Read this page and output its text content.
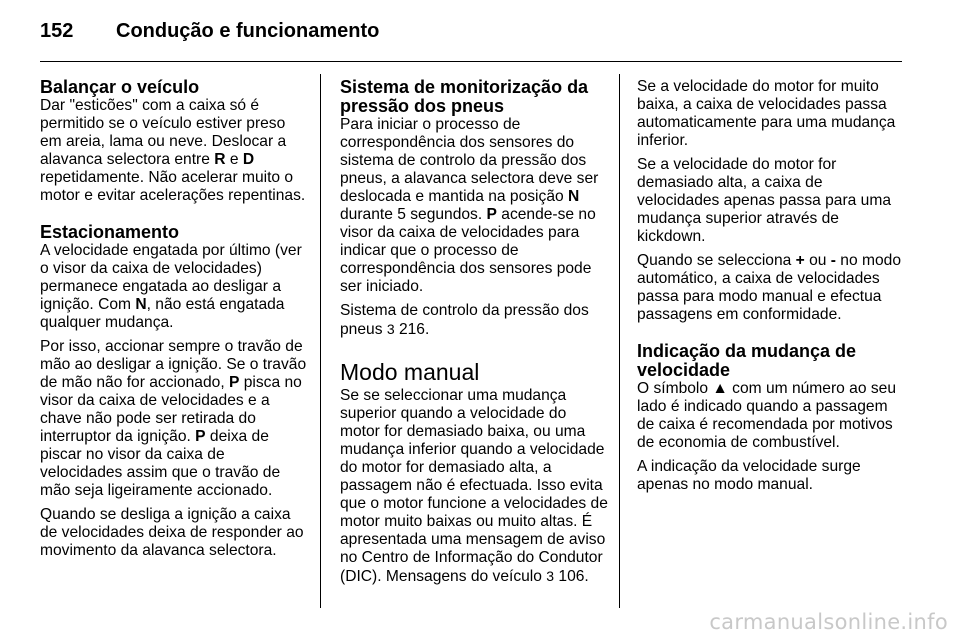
152 Condução e funcionamento
Balançar o veículo

Dar "esticões" com a caixa só é permitido se o veículo estiver preso em areia, lama ou neve. Deslocar a alavanca selectora entre R e D repetidamente. Não acelerar muito o motor e evitar acelerações repentinas.

Estacionamento

A velocidade engatada por último (ver o visor da caixa de velocidades) permanece engatada ao desligar a ignição. Com N, não está engatada qualquer mudança.

Por isso, accionar sempre o travão de mão ao desligar a ignição. Se o travão de mão não for accionado, P pisca no visor da caixa de velocidades e a chave não pode ser retirada do interruptor da ignição. P deixa de piscar no visor da caixa de velocidades assim que o travão de mão seja ligeiramente accionado.

Quando se desliga a ignição a caixa de velocidades deixa de responder ao movimento da alavanca selectora.

Sistema de monitorização da pressão dos pneus

Para iniciar o processo de correspondência dos sensores do sistema de controlo da pressão dos pneus, a alavanca selectora deve ser deslocada e mantida na posição N durante 5 segundos. P acende-se no visor da caixa de velocidades para indicar que o processo de correspondência dos sensores pode ser iniciado.

Sistema de controlo da pressão dos pneus 3 216.

Modo manual

Se se seleccionar uma mudança superior quando a velocidade do motor for demasiado baixa, ou uma mudança inferior quando a velocidade do motor for demasiado alta, a passagem não é efectuada. Isso evita que o motor funcione a velocidades de motor muito baixas ou muito altas. É apresentada uma mensagem de aviso no Centro de Informação do Condutor (DIC). Mensagens do veículo 3 106.

Se a velocidade do motor for muito baixa, a caixa de velocidades passa automaticamente para uma mudança inferior.

Se a velocidade do motor for demasiado alta, a caixa de velocidades apenas passa para uma mudança superior através de kickdown.

Quando se selecciona + ou - no modo automático, a caixa de velocidades passa para modo manual e efectua passagens em conformidade.

Indicação da mudança de velocidade

O símbolo ▲ com um número ao seu lado é indicado quando a passagem de caixa é recomendada por motivos de economia de combustível.

A indicação da velocidade surge apenas no modo manual.

carmanualsonline.info
